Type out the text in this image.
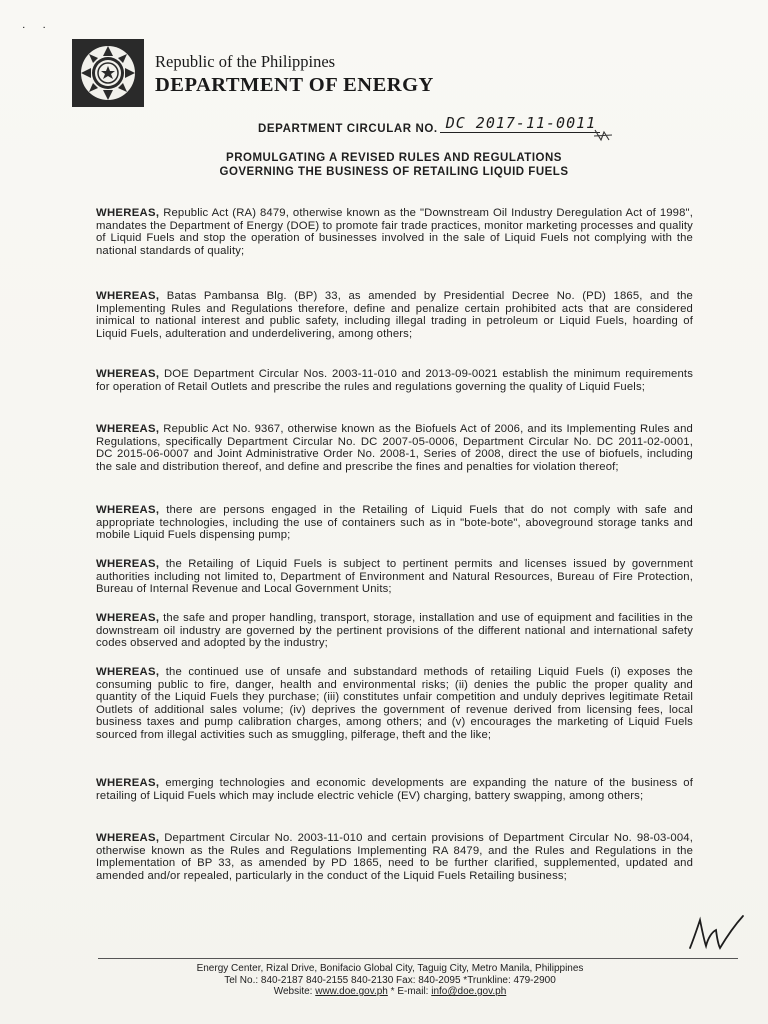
˙ ˙
Republic of the Philippines
DEPARTMENT OF ENERGY
DEPARTMENT CIRCULAR NO. DC 2017-11-0011
PROMULGATING A REVISED RULES AND REGULATIONS
GOVERNING THE BUSINESS OF RETAILING LIQUID FUELS

WHEREAS, Republic Act (RA) 8479, otherwise known as the "Downstream Oil Industry Deregulation Act of 1998", mandates the Department of Energy (DOE) to promote fair trade practices, monitor marketing processes and quality of Liquid Fuels and stop the operation of businesses involved in the sale of Liquid Fuels not complying with the national standards of quality;

WHEREAS, Batas Pambansa Blg. (BP) 33, as amended by Presidential Decree No. (PD) 1865, and the Implementing Rules and Regulations therefore, define and penalize certain prohibited acts that are considered inimical to national interest and public safety, including illegal trading in petroleum or Liquid Fuels, hoarding of Liquid Fuels, adulteration and underdelivering, among others;

WHEREAS, DOE Department Circular Nos. 2003-11-010 and 2013-09-0021 establish the minimum requirements for operation of Retail Outlets and prescribe the rules and regulations governing the quality of Liquid Fuels;

WHEREAS, Republic Act No. 9367, otherwise known as the Biofuels Act of 2006, and its Implementing Rules and Regulations, specifically Department Circular No. DC 2007-05-0006, Department Circular No. DC 2011-02-0001, DC 2015-06-0007 and Joint Administrative Order No. 2008-1, Series of 2008, direct the use of biofuels, including the sale and distribution thereof, and define and prescribe the fines and penalties for violation thereof;

WHEREAS, there are persons engaged in the Retailing of Liquid Fuels that do not comply with safe and appropriate technologies, including the use of containers such as in "bote-bote", aboveground storage tanks and mobile Liquid Fuels dispensing pump;

WHEREAS, the Retailing of Liquid Fuels is subject to pertinent permits and licenses issued by government authorities including not limited to, Department of Environment and Natural Resources, Bureau of Fire Protection, Bureau of Internal Revenue and Local Government Units;

WHEREAS, the safe and proper handling, transport, storage, installation and use of equipment and facilities in the downstream oil industry are governed by the pertinent provisions of the different national and international safety codes observed and adopted by the industry;

WHEREAS, the continued use of unsafe and substandard methods of retailing Liquid Fuels (i) exposes the consuming public to fire, danger, health and environmental risks; (ii) denies the public the proper quality and quantity of the Liquid Fuels they purchase; (iii) constitutes unfair competition and unduly deprives legitimate Retail Outlets of additional sales volume; (iv) deprives the government of revenue derived from licensing fees, local business taxes and pump calibration charges, among others; and (v) encourages the marketing of Liquid Fuels sourced from illegal activities such as smuggling, pilferage, theft and the like;

WHEREAS, emerging technologies and economic developments are expanding the nature of the business of retailing of Liquid Fuels which may include electric vehicle (EV) charging, battery swapping, among others;

WHEREAS, Department Circular No. 2003-11-010 and certain provisions of Department Circular No. 98-03-004, otherwise known as the Rules and Regulations Implementing RA 8479, and the Rules and Regulations in the Implementation of BP 33, as amended by PD 1865, need to be further clarified, supplemented, updated and amended and/or repealed, particularly in the conduct of the Liquid Fuels Retailing business;

Energy Center, Rizal Drive, Bonifacio Global City, Taguig City, Metro Manila, Philippines
Tel No.: 840-2187 840-2155 840-2130 Fax: 840-2095 *Trunkline: 479-2900
Website: www.doe.gov.ph * E-mail: info@doe.gov.ph
